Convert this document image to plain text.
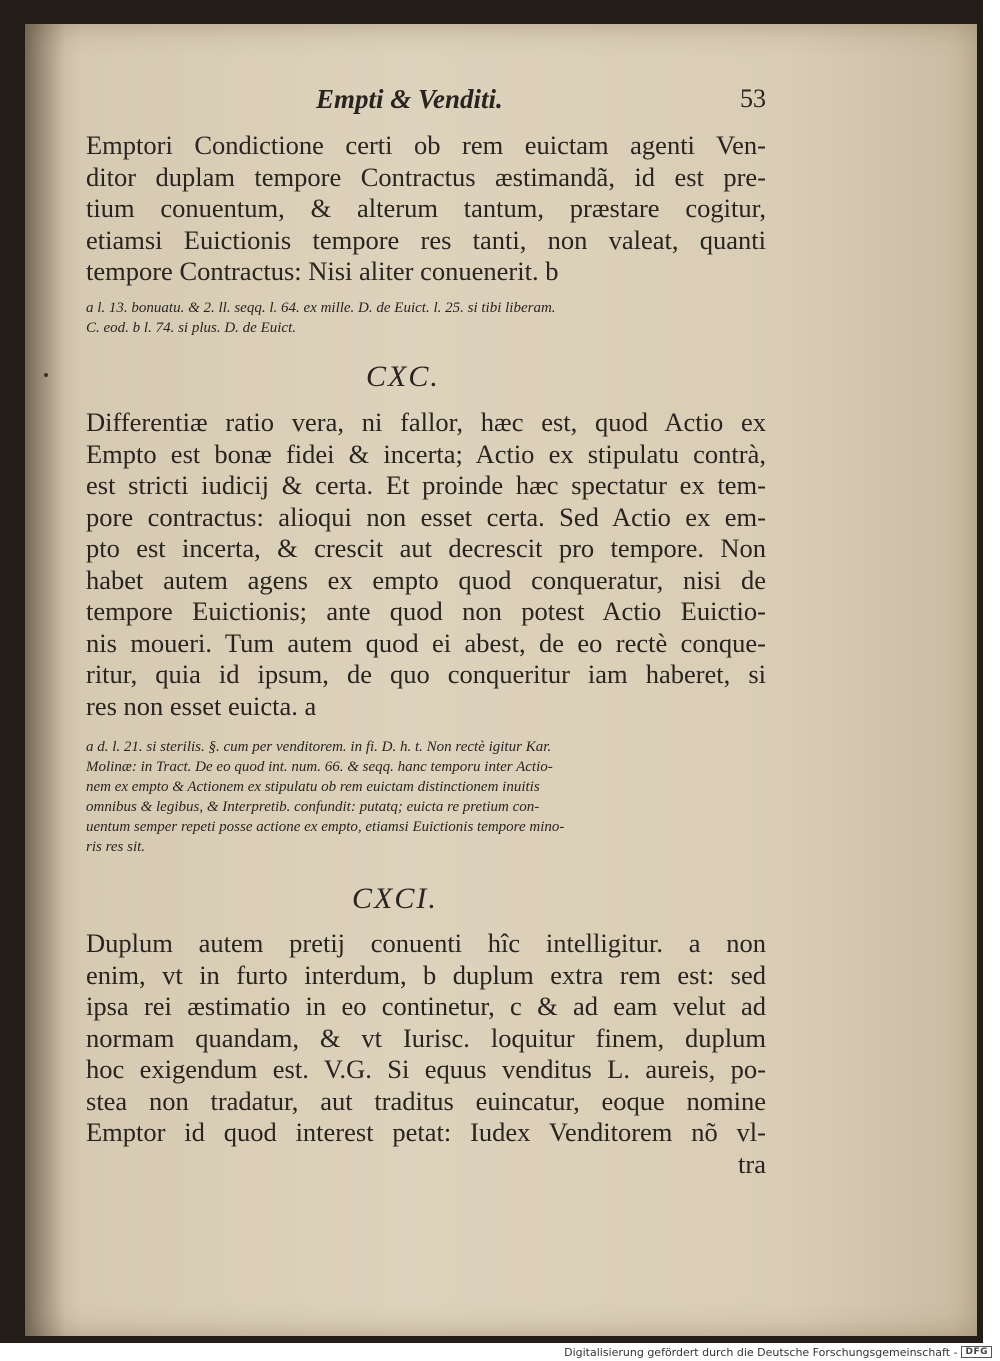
Empti & Venditi.	53
Emptori Condictione certi ob rem euictam agenti Ven-
ditor duplam tempore Contractus æstimandã, id est pre-
tium conuentum, & alterum tantum, præstare cogitur,
etiamsi Euictionis tempore res tanti, non valeat, quanti
tempore Contractus: Nisi aliter conuenerit. b
a l. 13. bonuatu. & 2. ll. seqq. l. 64. ex mille. D. de Euict. l. 25. si tibi liberam.
C. eod. b l. 74. si plus. D. de Euict.
CXC.
Differentiæ ratio vera, ni fallor, hæc est, quod Actio ex
Empto est bonæ fidei & incerta; Actio ex stipulatu contrà,
est stricti iudicij & certa. Et proinde hæc spectatur ex tem-
pore contractus: alioqui non esset certa. Sed Actio ex em-
pto est incerta, & crescit aut decrescit pro tempore. Non
habet autem agens ex empto quod conqueratur, nisi de
tempore Euictionis; ante quod non potest Actio Euictio-
nis moueri. Tum autem quod ei abest, de eo rectè conque-
ritur, quia id ipsum, de quo conqueritur iam haberet, si
res non esset euicta. a
a d. l. 21. si sterilis. §. cum per venditorem. in fi. D. h. t. Non rectè igitur Kar.
Molinæ: in Tract. De eo quod int. num. 66. & seqq. hanc temporu inter Actio-
nem ex empto & Actionem ex stipulatu ob rem euictam distinctionem inuitis
omnibus & legibus, & Interpretib. confundit: putatq; euicta re pretium con-
uentum semper repeti posse actione ex empto, etiamsi Euictionis tempore mino-
ris res sit.
CXCI.
Duplum autem pretij conuenti hîc intelligitur. a non
enim, vt in furto interdum, b duplum extra rem est: sed
ipsa rei æstimatio in eo continetur, c & ad eam velut ad
normam quandam, & vt Iurisc. loquitur finem, duplum
hoc exigendum est. V.G. Si equus venditus L. aureis, po-
stea non tradatur, aut traditus euincatur, eoque nomine
Emptor id quod interest petat: Iudex Venditorem nõ vl-
tra
Digitalisierung gefördert durch die Deutsche Forschungsgemeinschaft - DFG
